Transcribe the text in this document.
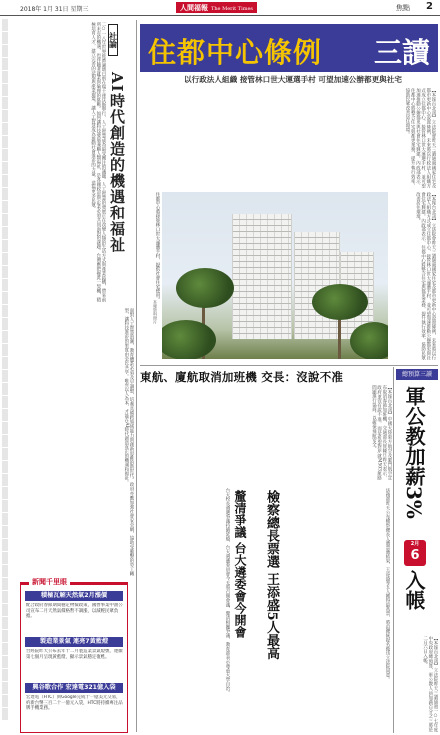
2018年 1月 31日 星期三	人間福報 The Merit Times	焦點 2
社論
AI時代創造的機遇和福祉
二○一八年世界經濟論壇日前在瑞士達沃斯舉行，人工智慧成為最受關注的議題。人工智慧的發展正在改變人類的生活方式與產業結構，帶來前所未有的機遇，也伴隨著就業與倫理的挑戰。如何讓科技發展兼顧人類福祉，是各國政府與企業必須共同面對的課題。台灣應把握此一契機，積極培育人才，建立完善的法規與產業環境，讓人工智慧成為推動社會進步的力量，造福更多民眾。
面對人工智慧浪潮，教育體系必須及早調整，培養具備跨領域能力與創新思維的新世代。政府亦應加強社會安全網，協助受衝擊的勞工轉型，讓科技進步的果實由全民共享。唯有以人為本，才能在AI時代創造真正的機遇和福祉。
住都中心條例 三讀
以行政法人組織 接管林口世大運選手村 可望加速公辦都更與社宅
【本報台北訊】立法院會昨天三讀通過國家住宅及都市更新中心設置條例，未來將以行政法人組織方式成立住都中心，接管林口世大運選手村，並可望加速推動公辦都更與社會住宅興建。內政部表示，住都中心將整合住宅與都更業務，提升執行效率，協助民眾改善居住環境。
【本報台北訊】立法院會昨天三讀通過國家住宅及都市更新中心設置條例，未來將以行政法人組織方式成立住都中心，接管林口世大運選手村，並可望加速推動公辦都更與社會住宅興建。內政部表示，住都中心將整合住宅與都更業務，提升執行效率，協助民眾改善居住環境。
住都中心將接管林口世大運選手村，提供社會住宅使用。
本報資料照片
東航、廈航取消加班機 交長：沒說不准
【本報台北訊】中國大陸東方航空及廈門航空宣布取消春節加班機，交通部長賀陳旦昨天表示，政府並沒有說不准，而是希望對岸就M503航路問題進行協商，以確保飛航安全。
釐清爭議 台大遴委會今開會
台大校長遴選爭議持續延燒，台大遴選委員會今天將召開會議，釐清相關爭議，教育部表示尊重大學自治。	檢察總長票選 王添盛5人最高	法務部昨天公布檢察總長人選票選結果，王添盛等五人獲得最高票，將由總統提名後送立法院同意。
總預算三讀
軍公教加薪3%
2月
6
入帳
【本報台北訊】立法院昨天三讀通過一○七年度中央政府總預算，軍公教人員加薪百分之三將於二月六日入帳。
新聞千里眼
積極瓦解天然氣2月漲價
配合政府春節期間穩定物價政策，國營事業中油公司宣布二月天然氣價格暫不調漲，以減輕民眾負擔。
製造業景氣 連亮7黃藍燈
台經院昨天公布去年十二月製造業景氣燈號，連續第七個月呈現黃藍燈，顯示景氣穩定復甦。
興谷歌合作 宏達電321億入袋
宏達電（HTC）與Google完成十一億美元交易，約新台幣三百二十一億元入袋，HTC將持續專注品牌手機業務。
